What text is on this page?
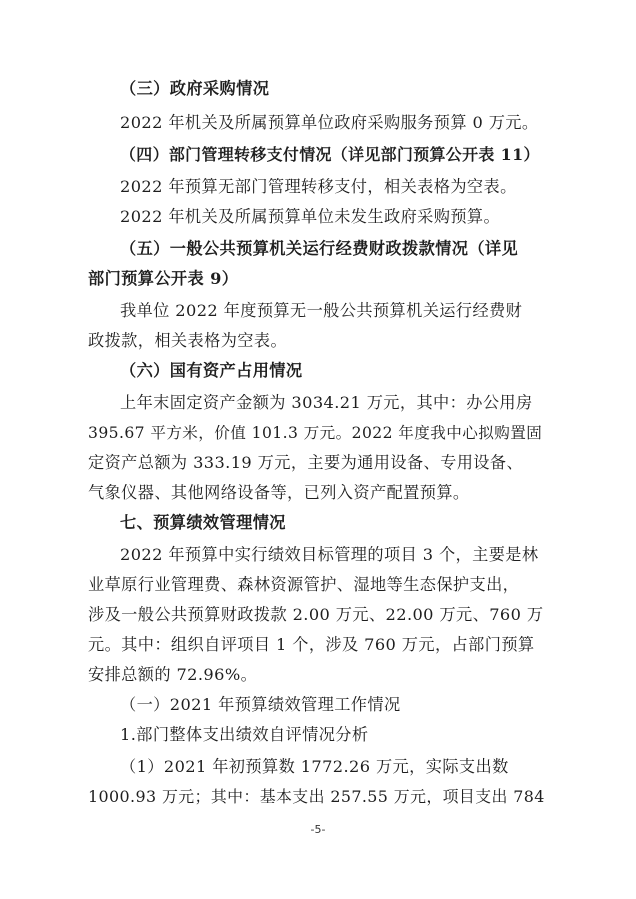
（三）政府采购情况
2022 年机关及所属预算单位政府采购服务预算 0 万元。
（四）部门管理转移支付情况（详见部门预算公开表 11）
2022 年预算无部门管理转移支付，相关表格为空表。
2022 年机关及所属预算单位未发生政府采购预算。
（五）一般公共预算机关运行经费财政拨款情况（详见
部门预算公开表 9）
我单位 2022 年度预算无一般公共预算机关运行经费财
政拨款，相关表格为空表。
（六）国有资产占用情况
上年末固定资产金额为 3034.21 万元，其中：办公用房
395.67 平方米，价值 101.3 万元。2022 年度我中心拟购置固
定资产总额为 333.19 万元，主要为通用设备、专用设备、
气象仪器、其他网络设备等，已列入资产配置预算。
七、预算绩效管理情况
2022 年预算中实行绩效目标管理的项目 3 个，主要是林
业草原行业管理费、森林资源管护、湿地等生态保护支出，
涉及一般公共预算财政拨款 2.00 万元、22.00 万元、760 万
元。其中：组织自评项目 1 个，涉及 760 万元，占部门预算
安排总额的 72.96%。
（一）2021 年预算绩效管理工作情况
1.部门整体支出绩效自评情况分析
（1）2021 年初预算数 1772.26 万元，实际支出数
1000.93 万元；其中：基本支出 257.55 万元，项目支出 784
-5-
